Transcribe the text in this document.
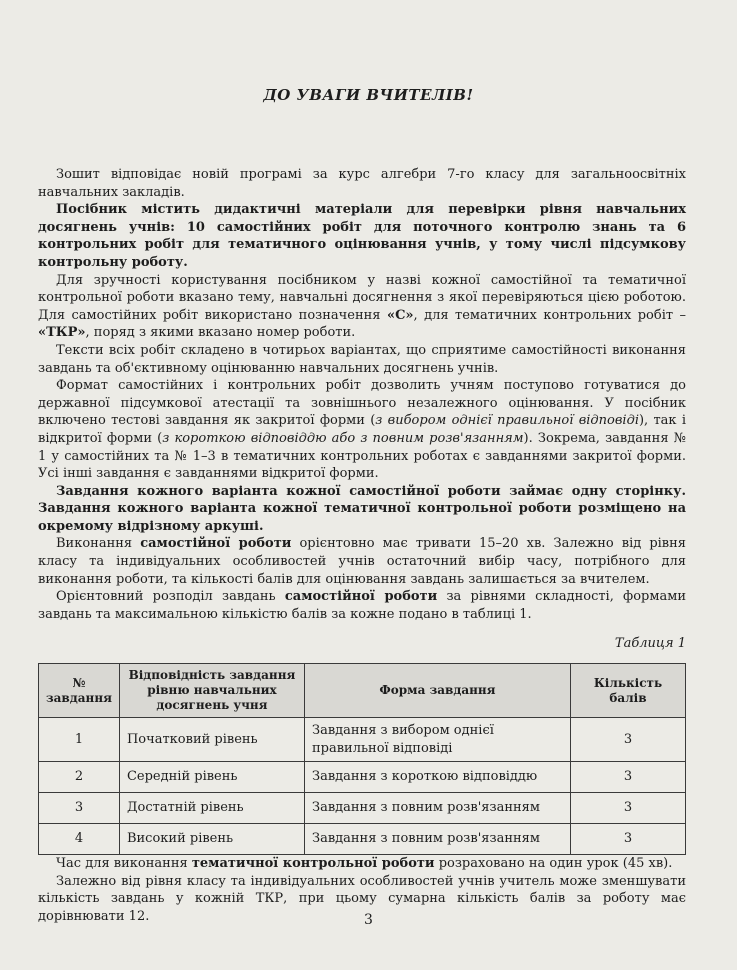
ДО УВАГИ ВЧИТЕЛІВ!

Зошит відповідає новій програмі за курс алгебри 7-го класу для загальноосвітніх навчальних закладів.

Посібник містить дидактичні матеріали для перевірки рівня навчальних досягнень учнів: 10 самостійних робіт для поточного контролю знань та 6 контрольних робіт для тематичного оцінювання учнів, у тому числі підсумкову контрольну роботу.

Для зручності користування посібником у назві кожної самостійної та тематичної контрольної роботи вказано тему, навчальні досягнення з якої перевіряються цією роботою. Для самостійних робіт використано позначення «С», для тематичних контрольних робіт – «ТКР», поряд з якими вказано номер роботи.

Тексти всіх робіт складено в чотирьох варіантах, що сприятиме самостійності виконання завдань та об'єктивному оцінюванню навчальних досягнень учнів.

Формат самостійних і контрольних робіт дозволить учням поступово готуватися до державної підсумкової атестації та зовнішнього незалежного оцінювання. У посібник включено тестові завдання як закритої форми (з вибором однієї правильної відповіді), так і відкритої форми (з короткою відповіддю або з повним розв'язанням). Зокрема, завдання № 1 у самостійних та № 1–3 в тематичних контрольних роботах є завданнями закритої форми. Усі інші завдання є завданнями відкритої форми.

Завдання кожного варіанта кожної самостійної роботи займає одну сторінку. Завдання кожного варіанта кожної тематичної контрольної роботи розміщено на окремому відрізному аркуші.

Виконання самостійної роботи орієнтовно має тривати 15–20 хв. Залежно від рівня класу та індивідуальних особливостей учнів остаточний вибір часу, потрібного для виконання роботи, та кількості балів для оцінювання завдань залишається за вчителем.

Орієнтовний розподіл завдань самостійної роботи за рівнями складності, формами завдань та максимальною кількістю балів за кожне подано в таблиці 1.

Таблиця 1
№ завдання	Відповідність завдання рівню навчальних досягнень учня	Форма завдання	Кількість балів
1	Початковий рівень	Завдання з вибором однієї правильної відповіді	3
2	Середній рівень	Завдання з короткою відповіддю	3
3	Достатній рівень	Завдання з повним розв'язанням	3
4	Високий рівень	Завдання з повним розв'язанням	3

Час для виконання тематичної контрольної роботи розраховано на один урок (45 хв).

Залежно від рівня класу та індивідуальних особливостей учнів учитель може зменшувати кількість завдань у кожній ТКР, при цьому сумарна кількість балів за роботу має дорівнювати 12.	3
